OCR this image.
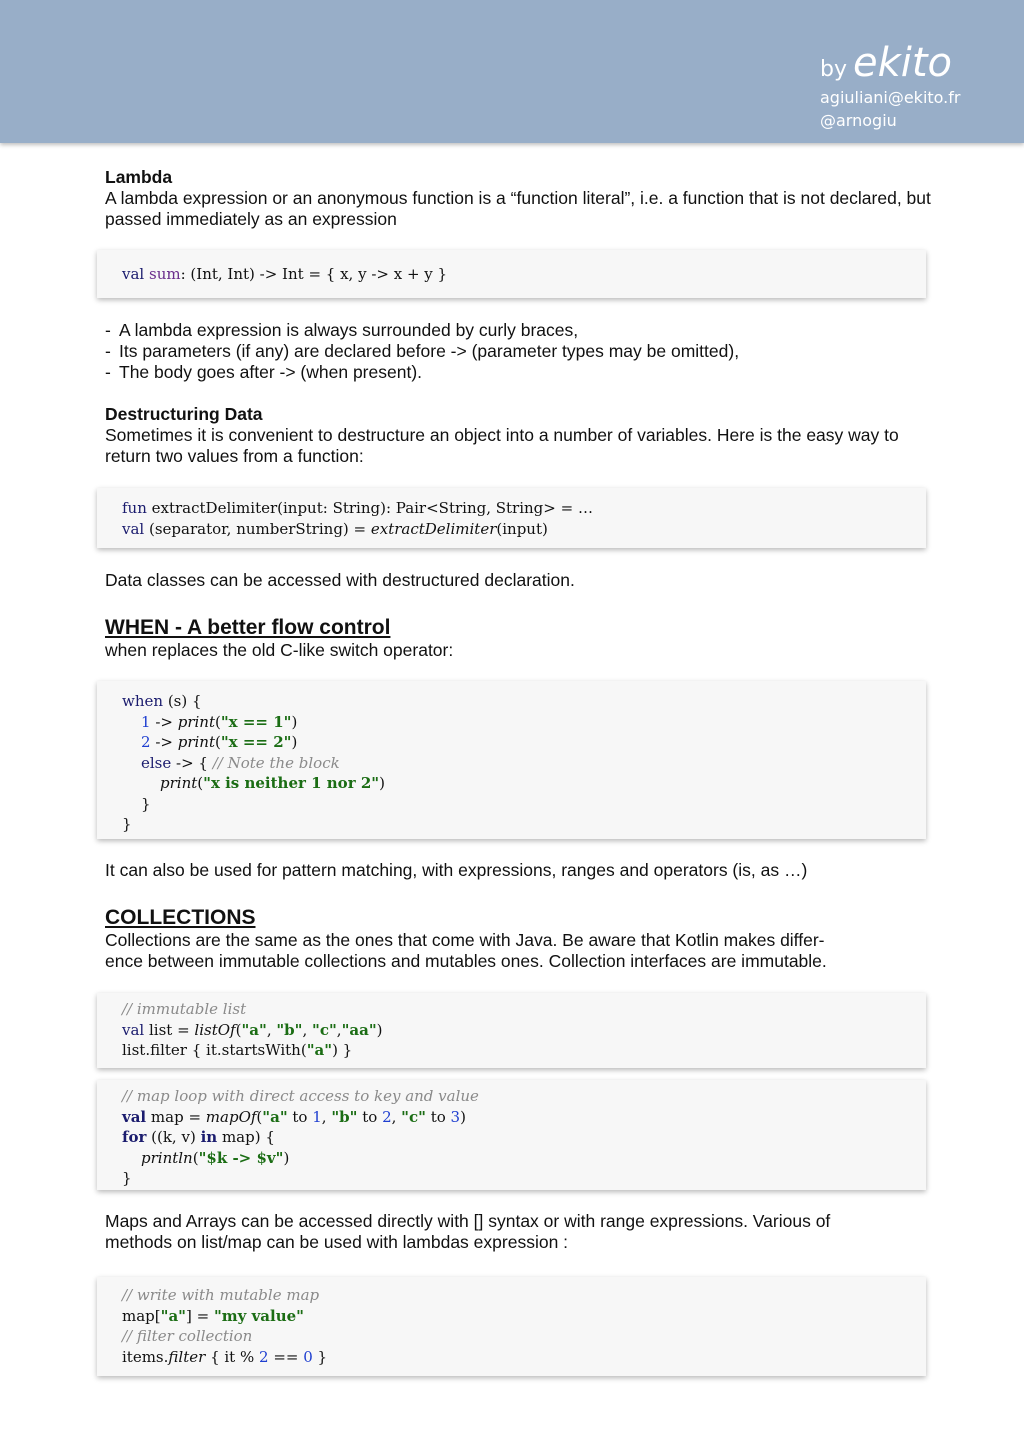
by ekito
agiuliani@ekito.fr
@arnogiu

Lambda

A lambda expression or an anonymous function is a “function literal”, i.e. a function that is not declared, but passed immediately as an expression

val sum: (Int, Int) -> Int = { x, y -> x + y }
- A lambda expression is always surrounded by curly braces,
- Its parameters (if any) are declared before -> (parameter types may be omitted),
- The body goes after -> (when present).

Destructuring Data

Sometimes it is convenient to destructure an object into a number of variables. Here is the easy way to return two values from a function:

fun extractDelimiter(input: String): Pair<String, String> = …
val (separator, numberString) = extractDelimiter(input)

Data classes can be accessed with destructured declaration.

WHEN - A better flow control

when replaces the old C-like switch operator:

when (s) {
1 -> print("x == 1")
2 -> print("x == 2")
else -> { // Note the block
print("x is neither 1 nor 2")
}
}

It can also be used for pattern matching, with expressions, ranges and operators (is, as …)

COLLECTIONS

Collections are the same as the ones that come with Java. Be aware that Kotlin makes differ-

ence between immutable collections and mutables ones. Collection interfaces are immutable.

// immutable list
val list = listOf("a", "b", "c","aa")
list.filter { it.startsWith("a") }
// map loop with direct access to key and value
val map = mapOf("a" to 1, "b" to 2, "c" to 3)
for ((k, v) in map) {
println("$k -> $v")
}

Maps and Arrays can be accessed directly with [] syntax or with range expressions. Various of

methods on list/map can be used with lambdas expression :

// write with mutable map
map["a"] = "my value"
// filter collection
items.filter { it % 2 == 0 }
